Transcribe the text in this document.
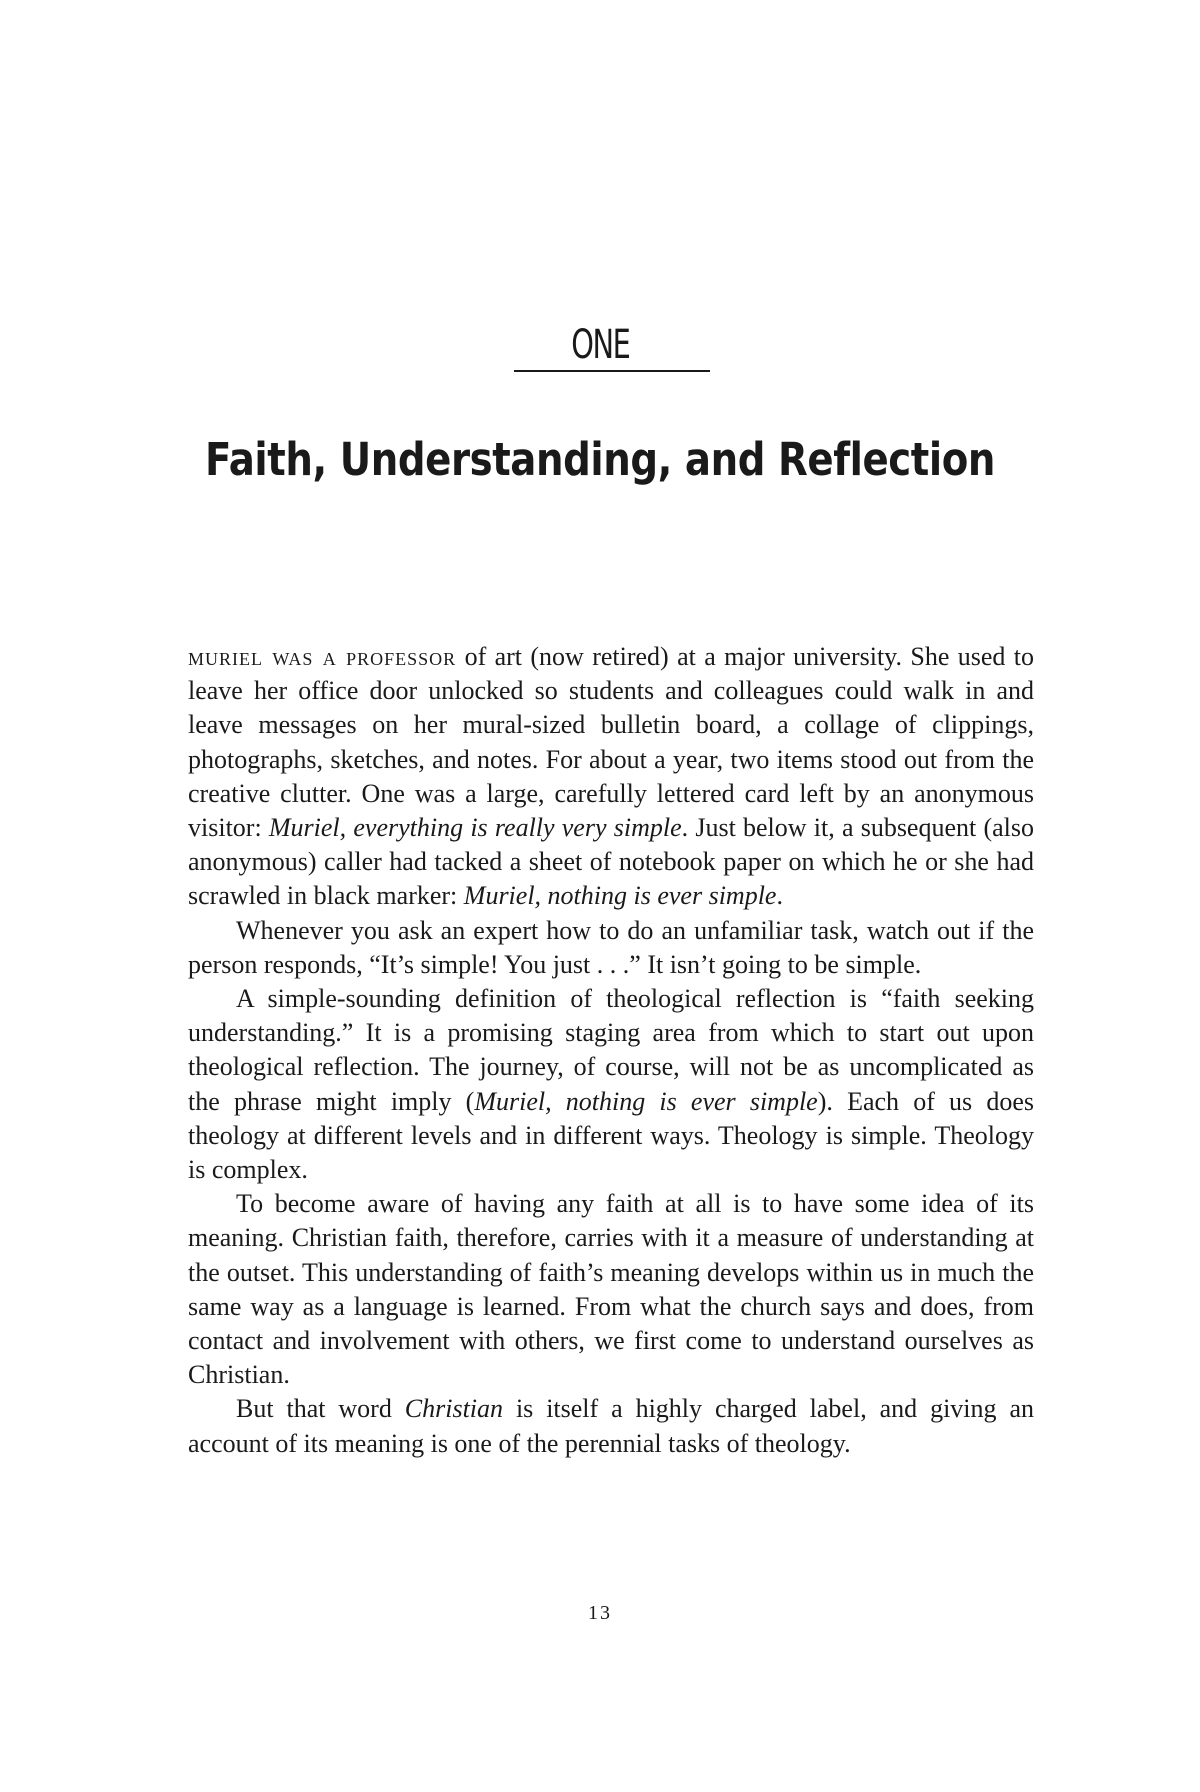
ONE
Faith, Understanding, and Reflection

muriel was a professor of art (now retired) at a major university. She used to leave her office door unlocked so students and colleagues could walk in and leave messages on her mural-sized bulletin board, a collage of clippings, photographs, sketches, and notes. For about a year, two items stood out from the creative clutter. One was a large, carefully lettered card left by an anonymous visitor: Muriel, everything is really very simple. Just below it, a subsequent (also anonymous) caller had tacked a sheet of notebook paper on which he or she had scrawled in black marker: Muriel, nothing is ever simple.

Whenever you ask an expert how to do an unfamiliar task, watch out if the person responds, “It’s simple! You just . . .” It isn’t going to be simple.

A simple-sounding definition of theological reflection is “faith seeking understanding.” It is a promising staging area from which to start out upon theological reflection. The journey, of course, will not be as uncomplicated as the phrase might imply (Muriel, nothing is ever simple). Each of us does theology at different levels and in different ways. Theology is simple. Theology is complex.

To become aware of having any faith at all is to have some idea of its meaning. Christian faith, therefore, carries with it a measure of understanding at the outset. This understanding of faith’s meaning develops within us in much the same way as a language is learned. From what the church says and does, from contact and involvement with others, we first come to understand ourselves as Christian.

But that word Christian is itself a highly charged label, and giving an account of its meaning is one of the perennial tasks of theology.

13
